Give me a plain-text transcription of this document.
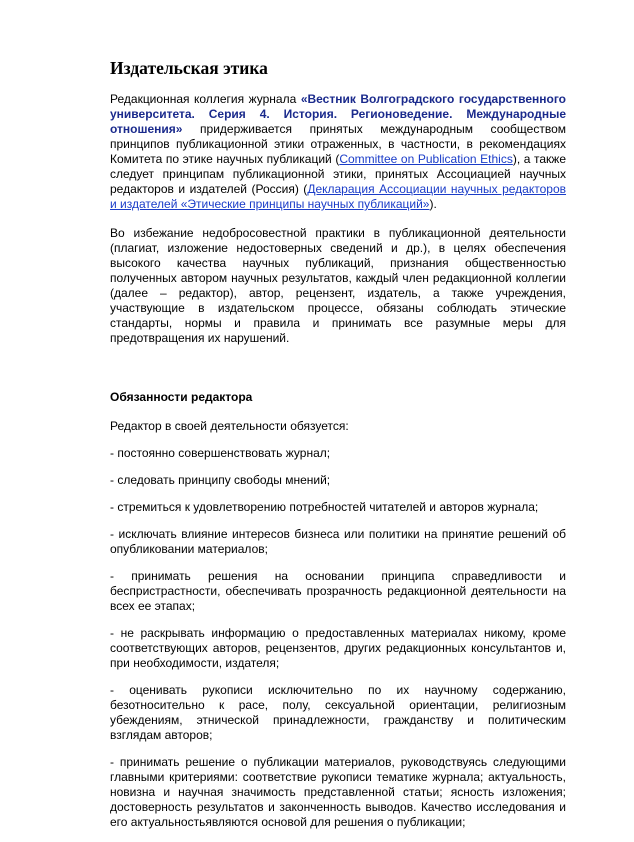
Издательская этика

Редакционная коллегия журнала «Вестник Волгоградского государственного университета. Серия 4. История. Регионоведение. Международные отношения» придерживается принятых международным сообществом принципов публикационной этики отраженных, в частности, в рекомендациях Комитета по этике научных публикаций (Committee on Publication Ethics), а также следует принципам публикационной этики, принятых Ассоциацией научных редакторов и издателей (Россия) (Декларация Ассоциации научных редакторов и издателей «Этические принципы научных публикаций»).

Во избежание недобросовестной практики в публикационной деятельности (плагиат, изложение недостоверных сведений и др.), в целях обеспечения высокого качества научных публикаций, признания общественностью полученных автором научных результатов, каждый член редакционной коллегии (далее – редактор), автор, рецензент, издатель, а также учреждения, участвующие в издательском процессе, обязаны соблюдать этические стандарты, нормы и правила и принимать все разумные меры для предотвращения их нарушений.

Обязанности редактора

Редактор в своей деятельности обязуется:

- постоянно совершенствовать журнал;

- следовать принципу свободы мнений;

- стремиться к удовлетворению потребностей читателей и авторов журнала;

- исключать влияние интересов бизнеса или политики на принятие решений об опубликовании материалов;

- принимать решения на основании принципа справедливости и беспристрастности, обеспечивать прозрачность редакционной деятельности на всех ее этапах;

- не раскрывать информацию о предоставленных материалах никому, кроме соответствующих авторов, рецензентов, других редакционных консультантов и, при необходимости, издателя;

- оценивать рукописи исключительно по их научному содержанию, безотносительно к расе, полу, сексуальной ориентации, религиозным убеждениям, этнической принадлежности, гражданству и политическим взглядам авторов;

- принимать решение о публикации материалов, руководствуясь следующими главными критериями: соответствие рукописи тематике журнала; актуальность, новизна и научная значимость представленной статьи; ясность изложения; достоверность результатов и законченность выводов. Качество исследования и его актуальностьявляются основой для решения о публикации;
